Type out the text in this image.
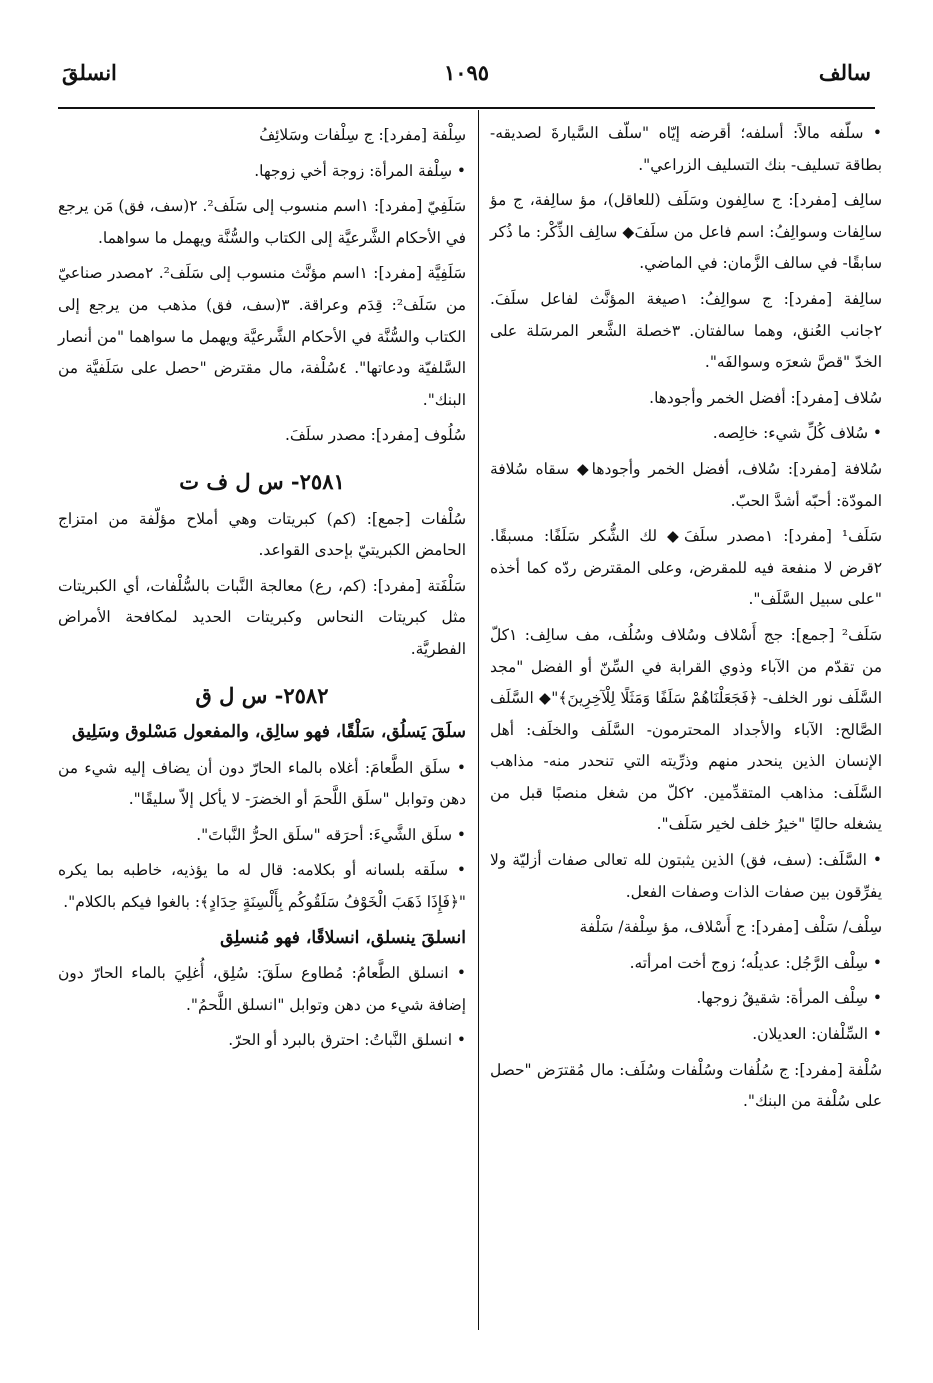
سالف
١٠٩٥
انسلقَ

• سلّفه مالاً: أسلفه؛ أقرضه إيّاه "سلّف السَّيارةَ لصديقه- بطاقة تسليف- بنك التسليف الزراعي".

سالِف [مفرد]: ج سالِفون وسَلَف (للعاقل)، مؤ سالِفة، ج مؤ سالِفات وسوالِفُ: اسم فاعل من سلَفَ◆ سالِف الذِّكْر: ما ذُكر سابقًا- في سالف الزَّمان: في الماضي.

سالِفة [مفرد]: ج سوالِفُ: ١صيغة المؤنَّث لفاعل سلَفَ. ٢جانب العُنق، وهما سالفتان. ٣خصلة الشَّعر المرسَلة على الخدّ "قصَّ شعرَه وسوالفَه".

سُلاف [مفرد]: أفضل الخمر وأجودها.

• سُلاف كُلِّ شيء: خالِصه.

سُلافة [مفرد]: سُلاف، أفضل الخمر وأجودها◆ سقاه سُلافة المودّة: أحبّه أشدَّ الحبّ.

سَلَف¹ [مفرد]: ١مصدر سلَفَ◆ لك الشُّكر سَلَفًا: مسبقًا. ٢قرض لا منفعة فيه للمقرض، وعلى المقترض ردّه كما أخذه "على سبيل السَّلَف".

سَلَف² [جمع]: جج أَسْلاف وسُلاف وسُلُف، مف سالِف: ١كلّ من تقدّم من الآباء وذوي القرابة في السِّنّ أو الفضل "مجد السَّلَف نور الخلف- ﴿فَجَعَلْنَاهُمْ سَلَفًا وَمَثَلًا لِلْآخِرِينَ﴾"◆ السَّلَف الصَّالح: الآباء والأجداد المحترمون- السَّلَف والخلَف: أهل الإنسان الذين ينحدر منهم وذرِّيته التي تنحدر منه- مذاهب السَّلَف: مذاهب المتقدِّمين. ٢كلّ من شغل منصبًا قبل من يشغله حاليًا "خيرُ خلف لخير سَلَف".

• السَّلَف: (سف، فق) الذين يثبتون لله تعالى صفات أزليّة ولا يفرِّقون بين صفات الذات وصفات الفعل.

سِلْف/ سَلْف [مفرد]: ج أَسْلاف، مؤ سِلْفة/ سَلْفة

• سِلْف الرَّجُل: عديلُه؛ زوج أخت امرأته.

• سِلْف المرأة: شقيقُ زوجها.

• السِّلْفان: العديلان.

سُلْفة [مفرد]: ج سُلُفات وسُلْفات وسُلَف: مال مُقترَض "حصل على سُلْفة من البنك".

سِلْفة [مفرد]: ج سِلْفات وسَلائِفُ

• سِلْفة المرأة: زوجة أخي زوجها.

سَلَفِيّ [مفرد]: ١اسم منسوب إلى سَلَف². ٢(سف، فق) مَن يرجع في الأحكام الشَّرعيَّة إلى الكتاب والسُّنَّة ويهمل ما سواهما.

سَلَفِيَّة [مفرد]: ١اسم مؤنَّث منسوب إلى سَلَف². ٢مصدر صناعيّ من سَلَف²: قِدَم وعراقة. ٣(سف، فق) مذهب من يرجع إلى الكتاب والسُّنَّة في الأحكام الشَّرعيَّة ويهمل ما سواهما "من أنصار السَّلفيّة ودعاتها". ٤سُلْفة، مال مقترض "حصل على سَلَفيَّة من البنك".

سُلُوف [مفرد]: مصدر سلَفَ.

٢٥٨١- س ل ف ت

سُلْفات [جمع]: (كم) كبريتات وهي أملاح مؤلّفة من امتزاج الحامض الكبريتيّ بإحدى القواعد.

سَلْفَتة [مفرد]: (كم، رع) معالجة النَّبات بالسُّلْفات، أي الكبريتات مثل كبريتات النحاس وكبريتات الحديد لمكافحة الأمراض الفطريَّة.

٢٥٨٢- س ل ق

سلَقَ يَسلُق، سَلْقًا، فهو سالِق، والمفعول مَسْلوق وسَلِيق

• سلَق الطَّعامَ: أغلاه بالماء الحارّ دون أن يضاف إليه شيء من دهن وتوابل "سلَق اللَّحمَ أو الخضرَ- لا يأكل إلاّ سليقًا".

• سلَق الشَّيءَ: أحرَقه "سلَق الحرُّ النَّباتَ".

• سلَقه بلسانه أو بكلامه: قال له ما يؤذيه، خاطبه بما يكره "﴿فَإِذَا ذَهَبَ الْخَوْفُ سَلَقُوكُم بِأَلْسِنَةٍ حِدَادٍ﴾: بالغوا فيكم بالكلام".

انسلقَ ينسلق، انسلاقًا، فهو مُنسلِق

• انسلق الطَّعامُ: مُطاوع سلَقَ: سُلِق، أُغلِيَ بالماء الحارّ دون إضافة شيء من دهن وتوابل "انسلق اللَّحمُ".

• انسلق النَّباتُ: احترق بالبرد أو الحرّ.
